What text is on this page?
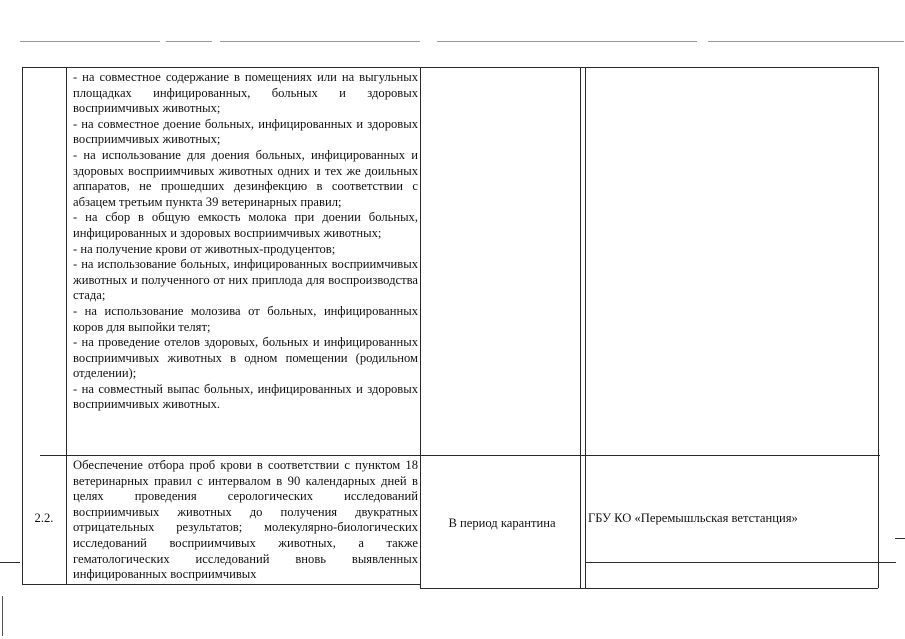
- на совместное содержание в помещениях или на выгульных площадках инфицированных, больных и здоровых восприимчивых животных;

- на совместное доение больных, инфицированных и здоровых восприимчивых животных;

- на использование для доения больных, инфицированных и здоровых восприимчивых животных одних и тех же доильных аппаратов, не прошедших дезинфекцию в соответствии с абзацем третьим пункта 39 ветеринарных правил;

- на сбор в общую емкость молока при доении больных, инфицированных и здоровых восприимчивых животных;

- на получение крови от животных-продуцентов;

- на использование больных, инфицированных восприимчивых животных и полученного от них приплода для воспроизводства стада;

- на использование молозива от больных, инфицированных коров для выпойки телят;

- на проведение отелов здоровых, больных и инфицированных восприимчивых животных в одном помещении (родильном отделении);

- на совместный выпас больных, инфицированных и здоровых восприимчивых животных.

2.2.

Обеспечение отбора проб крови в соответствии с пунктом 18 ветеринарных правил с интервалом в 90 календарных дней в целях проведения серологических исследований восприимчивых животных до получения двукратных отрицательных результатов; молекулярно-биологических исследований восприимчивых животных, а также гематологических исследований вновь выявленных инфицированных восприимчивых

В период карантина	ГБУ КО «Перемышльская ветстанция»
